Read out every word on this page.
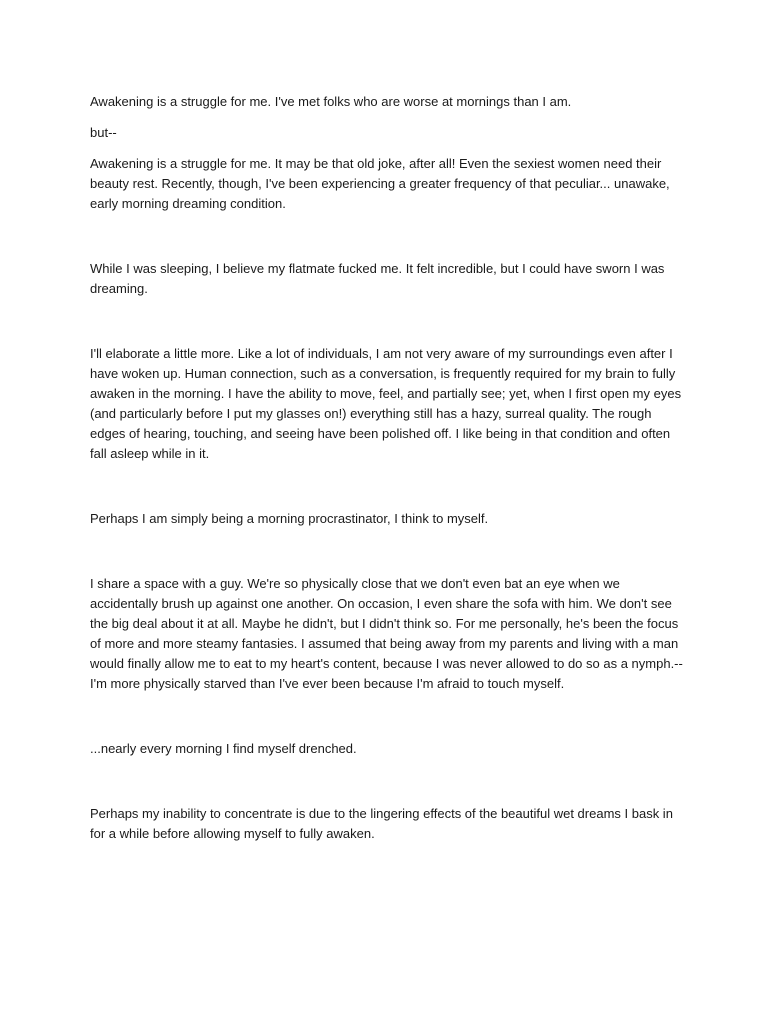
Awakening is a struggle for me. I've met folks who are worse at mornings than I am.

but--

Awakening is a struggle for me. It may be that old joke, after all! Even the sexiest women need their beauty rest. Recently, though, I've been experiencing a greater frequency of that peculiar... unawake, early morning dreaming condition.

While I was sleeping, I believe my flatmate fucked me. It felt incredible, but I could have sworn I was dreaming.

I'll elaborate a little more. Like a lot of individuals, I am not very aware of my surroundings even after I have woken up. Human connection, such as a conversation, is frequently required for my brain to fully awaken in the morning. I have the ability to move, feel, and partially see; yet, when I first open my eyes (and particularly before I put my glasses on!) everything still has a hazy, surreal quality. The rough edges of hearing, touching, and seeing have been polished off. I like being in that condition and often fall asleep while in it.

Perhaps I am simply being a morning procrastinator, I think to myself.

I share a space with a guy. We're so physically close that we don't even bat an eye when we accidentally brush up against one another. On occasion, I even share the sofa with him. We don't see the big deal about it at all. Maybe he didn't, but I didn't think so. For me personally, he's been the focus of more and more steamy fantasies. I assumed that being away from my parents and living with a man would finally allow me to eat to my heart's content, because I was never allowed to do so as a nymph.--I'm more physically starved than I've ever been because I'm afraid to touch myself.

...nearly every morning I find myself drenched.

Perhaps my inability to concentrate is due to the lingering effects of the beautiful wet dreams I bask in for a while before allowing myself to fully awaken.
